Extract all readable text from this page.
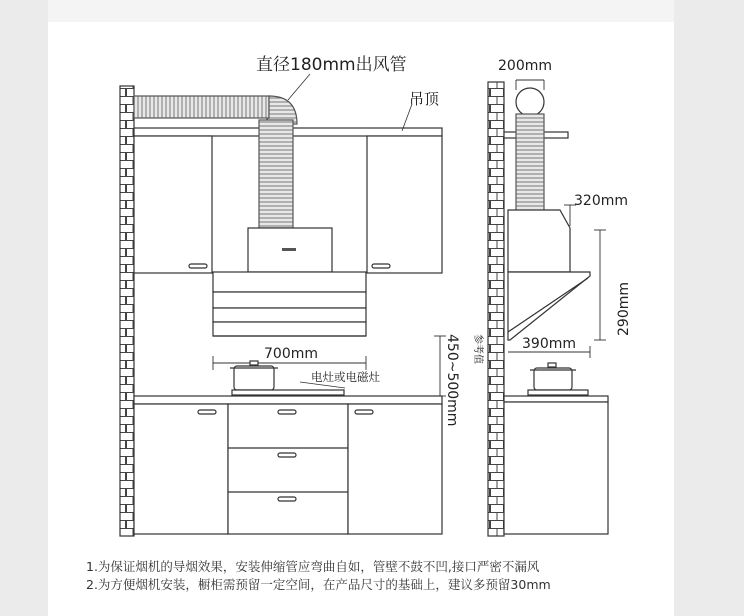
直径180mm出风管
吊顶
700mm
电灶或电磁灶
参考值
450~500mm
200mm
320mm
290mm
390mm
1.为保证烟机的导烟效果，安装伸缩管应弯曲自如，管壁不鼓不凹,接口严密不漏风
2.为方便烟机安装，橱柜需预留一定空间，在产品尺寸的基础上，建议多预留30mm
